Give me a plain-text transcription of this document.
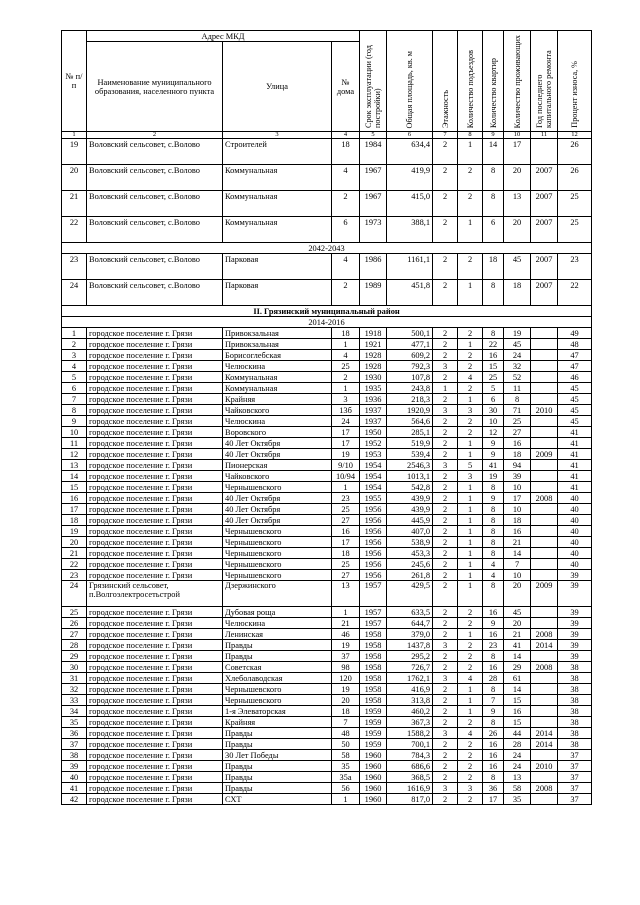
№ п/п	Адрес МКД			Срок эксплуатации (год постройки)	Общая площадь, кв. м	Этажность	Количество подъездов	Количество квартир	Количество проживающих	Год последнего капитального ремонта	Процент износа, %

	Наименование муниципального образования, населенного пункта	Улица	№ дома								
1	2	3	4	5	6	7	8	9	10	11	12
19	Воловский сельсовет, с.Волово	Строителей	18	1984	634,4	2	1	14	17		26
20	Воловский сельсовет, с.Волово	Коммунальная	4	1967	419,9	2	2	8	20	2007	26
21	Воловский сельсовет, с.Волово	Коммунальная	2	1967	415,0	2	2	8	13	2007	25
22	Воловский сельсовет, с.Волово	Коммунальная	6	1973	388,1	2	1	6	20	2007	25
2042-2043											
23	Воловский сельсовет, с.Волово	Парковая	4	1986	1161,1	2	2	18	45	2007	23
24	Воловский сельсовет, с.Волово	Парковая	2	1989	451,8	2	1	8	18	2007	22
II. Грязинский муниципальный район											
2014-2016											
1	городское поселение г. Грязи	Привокзальная	18	1918	500,1	2	2	8	19		49
2	городское поселение г. Грязи	Привокзальная	1	1921	477,1	2	1	22	45		48
3	городское поселение г. Грязи	Борисоглебская	4	1928	609,2	2	2	16	24		47
4	городское поселение г. Грязи	Челюскина	25	1928	792,3	3	2	15	32		47
5	городское поселение г. Грязи	Коммунальная	2	1930	107,8	2	4	25	52		46
6	городское поселение г. Грязи	Коммунальная	1	1935	243,8	1	2	5	11		45
7	городское поселение г. Грязи	Крайняя	3	1936	218,3	2	1	6	8		45
8	городское поселение г. Грязи	Чайковского	13б	1937	1920,9	3	3	30	71	2010	45
9	городское поселение г. Грязи	Челюскина	24	1937	564,6	2	2	10	25		45
10	городское поселение г. Грязи	Воровского	17	1950	285,1	2	2	12	27		41
11	городское поселение г. Грязи	40 Лет Октября	17	1952	519,9	2	1	9	16		41
12	городское поселение г. Грязи	40 Лет Октября	19	1953	539,4	2	1	9	18	2009	41
13	городское поселение г. Грязи	Пионерская	9/10	1954	2546,3	3	5	41	94		41
14	городское поселение г. Грязи	Чайковского	10/94	1954	1013,1	2	3	19	39		41
15	городское поселение г. Грязи	Чернышевского	1	1954	542,8	2	1	8	10		41
16	городское поселение г. Грязи	40 Лет Октября	23	1955	439,9	2	1	9	17	2008	40
17	городское поселение г. Грязи	40 Лет Октября	25	1956	439,9	2	1	8	10		40
18	городское поселение г. Грязи	40 Лет Октября	27	1956	445,9	2	1	8	18		40
19	городское поселение г. Грязи	Чернышевского	16	1956	407,0	2	1	8	16		40
20	городское поселение г. Грязи	Чернышевского	17	1956	538,9	2	1	8	21		40
21	городское поселение г. Грязи	Чернышевского	18	1956	453,3	2	1	8	14		40
22	городское поселение г. Грязи	Чернышевского	25	1956	245,6	2	1	4	7		40
23	городское поселение г. Грязи	Чернышевского	27	1956	261,8	2	1	4	10		39
24	Грязинский сельсовет,
п.Волгоэлектросетьстрой	Дзержинского	13	1957	429,5	2	1	8	20	2009	39
25	городское поселение г. Грязи	Дубовая роща	1	1957	633,5	2	2	16	45		39
26	городское поселение г. Грязи	Челюскина	21	1957	644,7	2	2	9	20		39
27	городское поселение г. Грязи	Ленинская	46	1958	379,0	2	1	16	21	2008	39
28	городское поселение г. Грязи	Правды	19	1958	1437,8	3	2	23	41	2014	39
29	городское поселение г. Грязи	Правды	37	1958	295,2	2	2	8	14		39
30	городское поселение г. Грязи	Советская	98	1958	726,7	2	2	16	29	2008	38
31	городское поселение г. Грязи	Хлеболаводская	120	1958	1762,1	3	4	28	61		38
32	городское поселение г. Грязи	Чернышевского	19	1958	416,9	2	1	8	14		38
33	городское поселение г. Грязи	Чернышевского	20	1958	313,8	2	1	7	15		38
34	городское поселение г. Грязи	1-я Элеваторская	18	1959	460,2	2	1	9	16		38
35	городское поселение г. Грязи	Крайняя	7	1959	367,3	2	2	8	15		38
36	городское поселение г. Грязи	Правды	48	1959	1588,2	3	4	26	44	2014	38
37	городское поселение г. Грязи	Правды	50	1959	700,1	2	2	16	28	2014	38
38	городское поселение г. Грязи	30 Лет Победы	58	1960	784,3	2	2	16	24		37
39	городское поселение г. Грязи	Правды	35	1960	686,6	2	2	16	24	2010	37
40	городское поселение г. Грязи	Правды	35а	1960	368,5	2	2	8	13		37
41	городское поселение г. Грязи	Правды	56	1960	1616,9	3	3	36	58	2008	37
42	городское поселение г. Грязи	СХТ	1	1960	817,0	2	2	17	35		37
